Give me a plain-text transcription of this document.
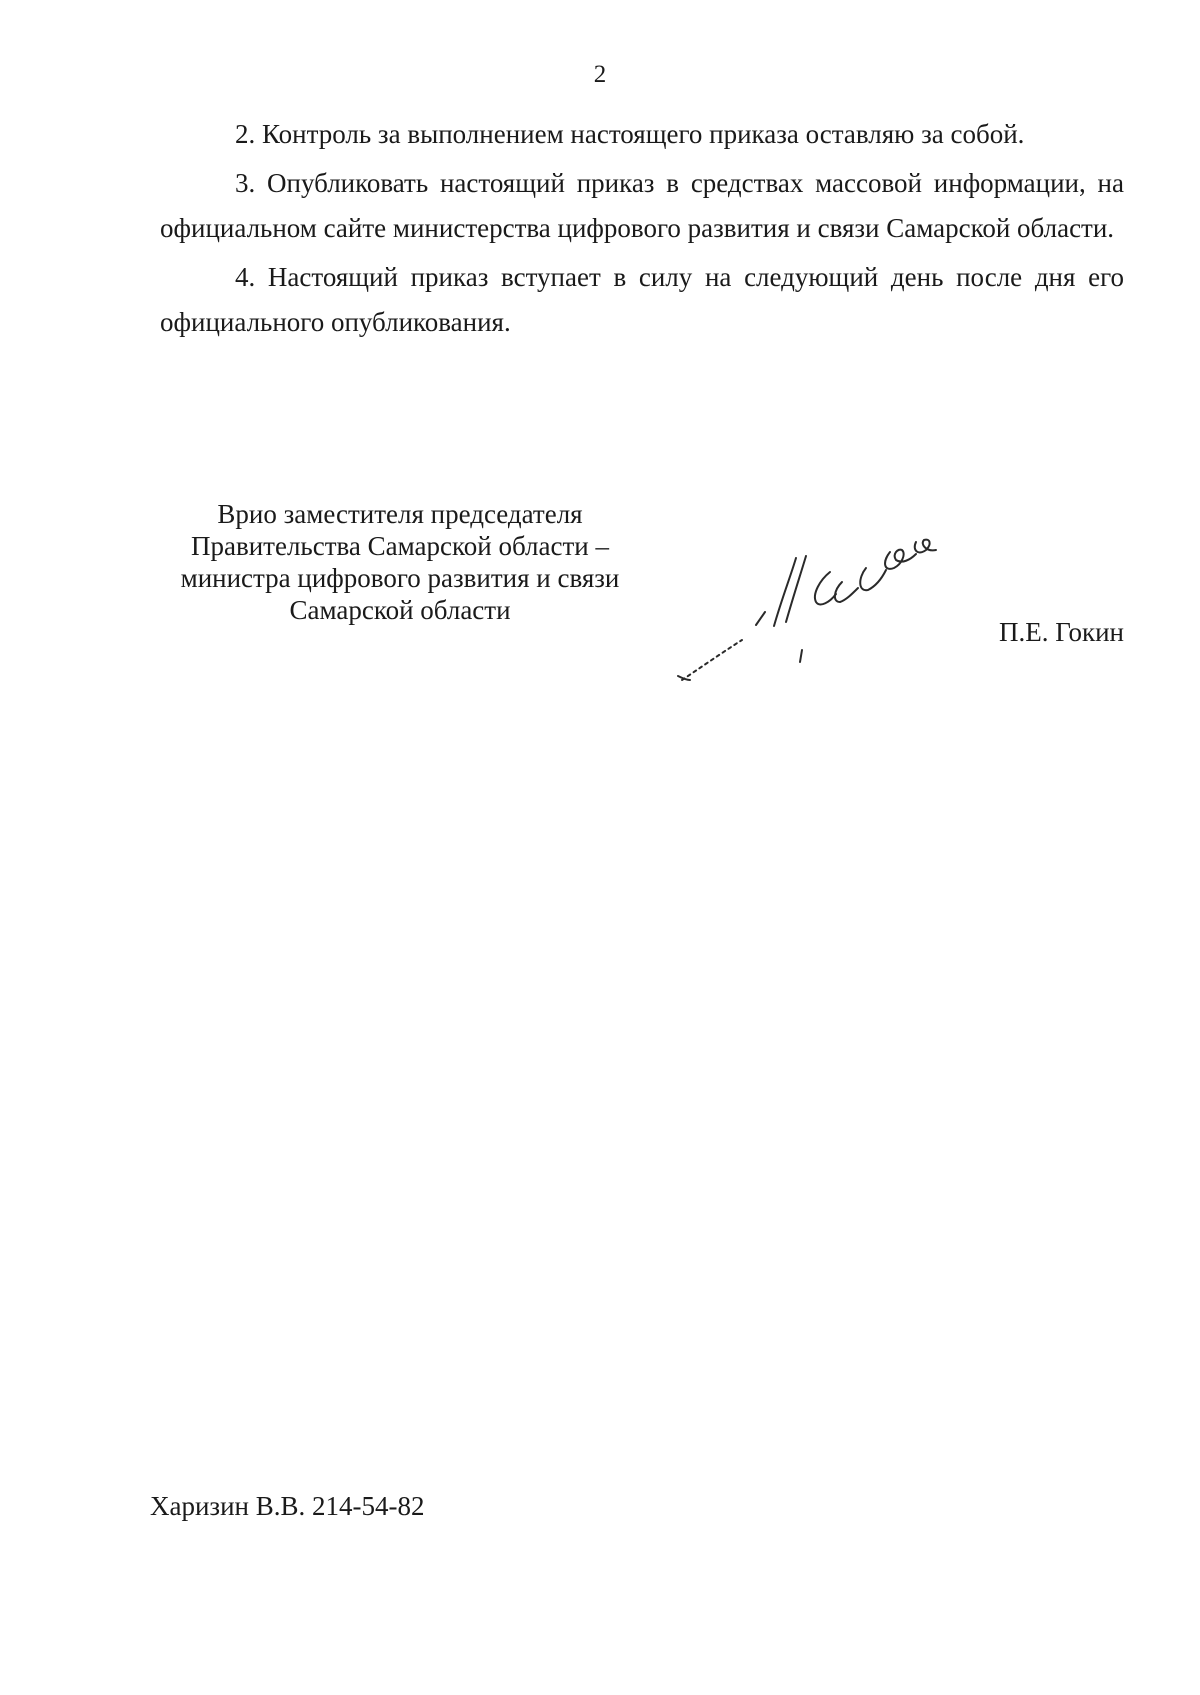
2

2. Контроль за выполнением настоящего приказа оставляю за собой.

3. Опубликовать настоящий приказ в средствах массовой информации, на официальном сайте министерства цифрового развития и связи Самарской области.

4. Настоящий приказ вступает в силу на следующий день после дня его официального опубликования.

Врио заместителя председателя
Правительства Самарской области –
министра цифрового развития и связи
Самарской области
П.Е. Гокин
Харизин В.В. 214-54-82
